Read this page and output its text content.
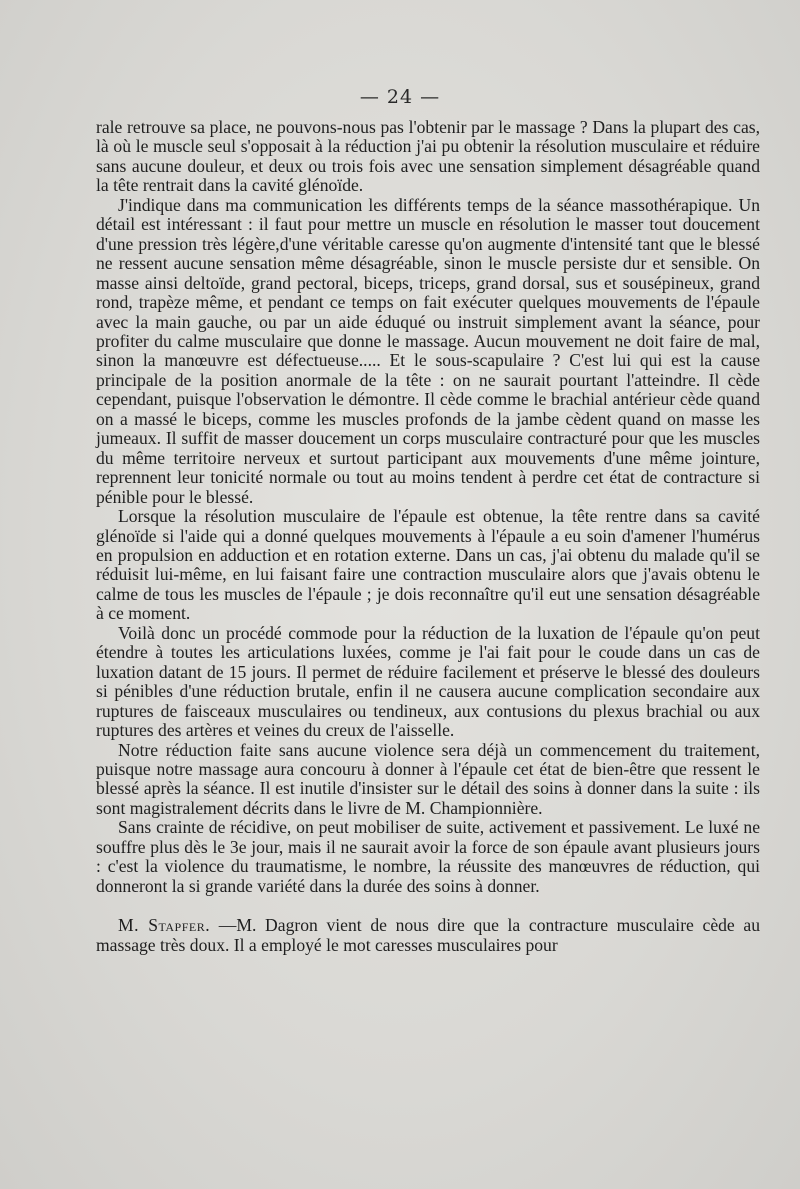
— 24 —

rale retrouve sa place, ne pouvons-nous pas l'obtenir par le massage ? Dans la plupart des cas, là où le muscle seul s'opposait à la réduction j'ai pu obtenir la résolution musculaire et réduire sans aucune douleur, et deux ou trois fois avec une sensation simplement désagréable quand la tête rentrait dans la cavité glénoïde.

J'indique dans ma communication les différents temps de la séance massothérapique. Un détail est intéressant : il faut pour mettre un muscle en résolution le masser tout doucement d'une pression très légère,d'une véritable caresse qu'on augmente d'intensité tant que le blessé ne ressent aucune sensation même désagréable, sinon le muscle persiste dur et sensible. On masse ainsi deltoïde, grand pectoral, biceps, triceps, grand dorsal, sus et sousépineux, grand rond, trapèze même, et pendant ce temps on fait exécuter quelques mouvements de l'épaule avec la main gauche, ou par un aide éduqué ou instruit simplement avant la séance, pour profiter du calme musculaire que donne le massage. Aucun mouvement ne doit faire de mal, sinon la manœuvre est défectueuse..... Et le sous-scapulaire ? C'est lui qui est la cause principale de la position anormale de la tête : on ne saurait pourtant l'atteindre. Il cède cependant, puisque l'observation le démontre. Il cède comme le brachial antérieur cède quand on a massé le biceps, comme les muscles profonds de la jambe cèdent quand on masse les jumeaux. Il suffit de masser doucement un corps musculaire contracturé pour que les muscles du même territoire nerveux et surtout participant aux mouvements d'une même jointure, reprennent leur tonicité normale ou tout au moins tendent à perdre cet état de contracture si pénible pour le blessé.

Lorsque la résolution musculaire de l'épaule est obtenue, la tête rentre dans sa cavité glénoïde si l'aide qui a donné quelques mouvements à l'épaule a eu soin d'amener l'humérus en propulsion en adduction et en rotation externe. Dans un cas, j'ai obtenu du malade qu'il se réduisit lui-même, en lui faisant faire une contraction musculaire alors que j'avais obtenu le calme de tous les muscles de l'épaule ; je dois reconnaître qu'il eut une sensation désagréable à ce moment.

Voilà donc un procédé commode pour la réduction de la luxation de l'épaule qu'on peut étendre à toutes les articulations luxées, comme je l'ai fait pour le coude dans un cas de luxation datant de 15 jours. Il permet de réduire facilement et préserve le blessé des douleurs si pénibles d'une réduction brutale, enfin il ne causera aucune complication secondaire aux ruptures de faisceaux musculaires ou tendineux, aux contusions du plexus brachial ou aux ruptures des artères et veines du creux de l'aisselle.

Notre réduction faite sans aucune violence sera déjà un commencement du traitement, puisque notre massage aura concouru à donner à l'épaule cet état de bien-être que ressent le blessé après la séance. Il est inutile d'insister sur le détail des soins à donner dans la suite : ils sont magistralement décrits dans le livre de M. Championnière.

Sans crainte de récidive, on peut mobiliser de suite, activement et passivement. Le luxé ne souffre plus dès le 3e jour, mais il ne saurait avoir la force de son épaule avant plusieurs jours : c'est la violence du traumatisme, le nombre, la réussite des manœuvres de réduction, qui donneront la si grande variété dans la durée des soins à donner.

M. Stapfer. —M. Dagron vient de nous dire que la contracture musculaire cède au massage très doux. Il a employé le mot caresses musculaires pour
